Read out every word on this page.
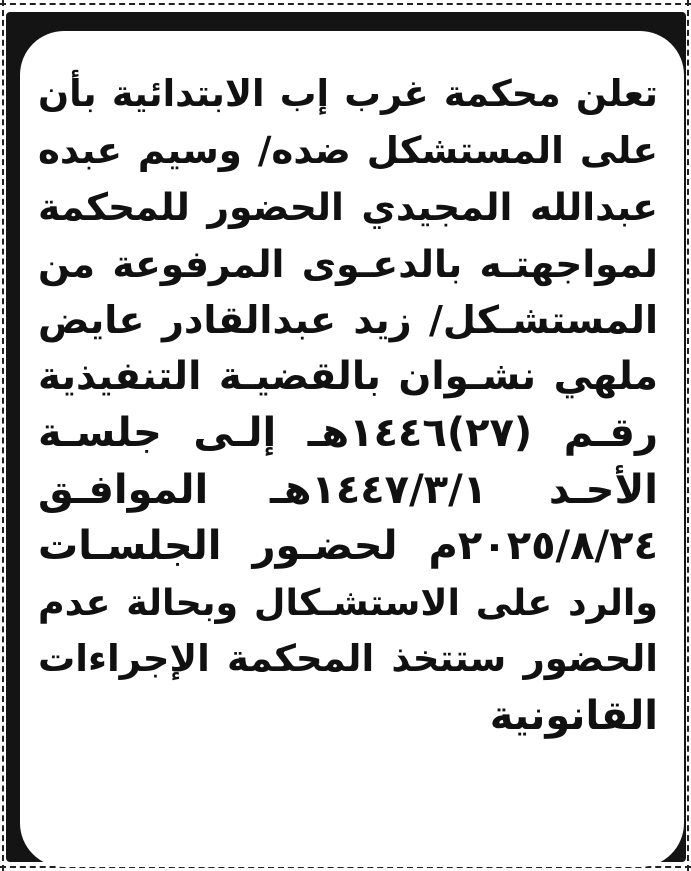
تعلن محكمة غرب إب الابتدائية بأن
على المستشكل ضده/ وسيم عبده
عبدالله المجيدي الحضور للمحكمة
لمواجهتـه بالدعـوى المرفوعة من
المستشـكل/ زيد عبدالقادر عايض
ملهي نشـوان بالقضيـة التنفيذية
رقـم (٢٧)١٤٤٦هـ إلـى جلسـة
الأحـد ١٤٤٧/٣/١هـ الموافـق
٢٠٢٥/٨/٢٤م لحضـور الجلسـات
والرد على الاستشـكال وبحالة عدم
الحضور ستتخذ المحكمة الإجراءات
القانونية
